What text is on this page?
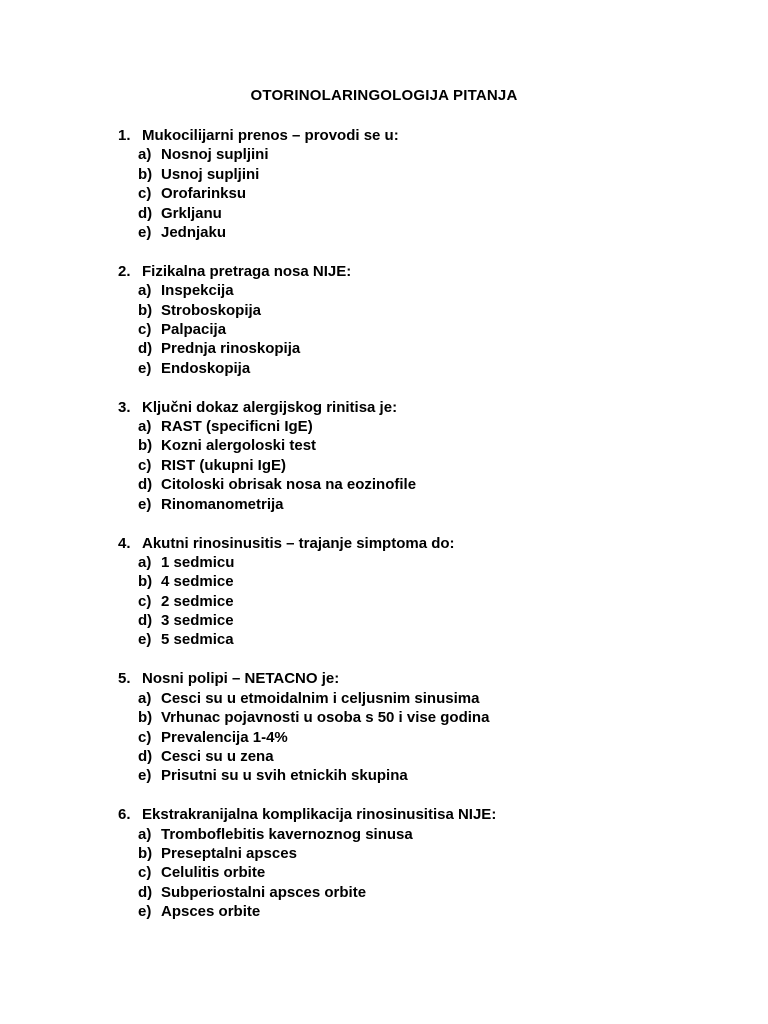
OTORINOLARINGOLOGIJA PITANJA
1. Mukocilijarni prenos – provodi se u:
a) Nosnoj supljini
b) Usnoj supljini
c) Orofarinksu
d) Grkljanu
e) Jednjaku
2. Fizikalna pretraga nosa NIJE:
a) Inspekcija
b) Stroboskopija
c) Palpacija
d) Prednja rinoskopija
e) Endoskopija
3. Ključni dokaz alergijskog rinitisa je:
a) RAST (specificni IgE)
b) Kozni alergoloski test
c) RIST (ukupni IgE)
d) Citoloski obrisak nosa na eozinofile
e) Rinomanometrija
4. Akutni rinosinusitis – trajanje simptoma do:
a) 1 sedmicu
b) 4 sedmice
c) 2 sedmice
d) 3 sedmice
e) 5 sedmica
5. Nosni polipi – NETACNO je:
a) Cesci su u etmoidalnim i celjusnim sinusima
b) Vrhunac pojavnosti u osoba s 50 i vise godina
c) Prevalencija 1-4%
d) Cesci su u zena
e) Prisutni su u svih etnickih skupina
6. Ekstrakranijalna komplikacija rinosinusitisa NIJE:
a) Tromboflebitis kavernoznog sinusa
b) Preseptalni apsces
c) Celulitis orbite
d) Subperiostalni apsces orbite
e) Apsces orbite
